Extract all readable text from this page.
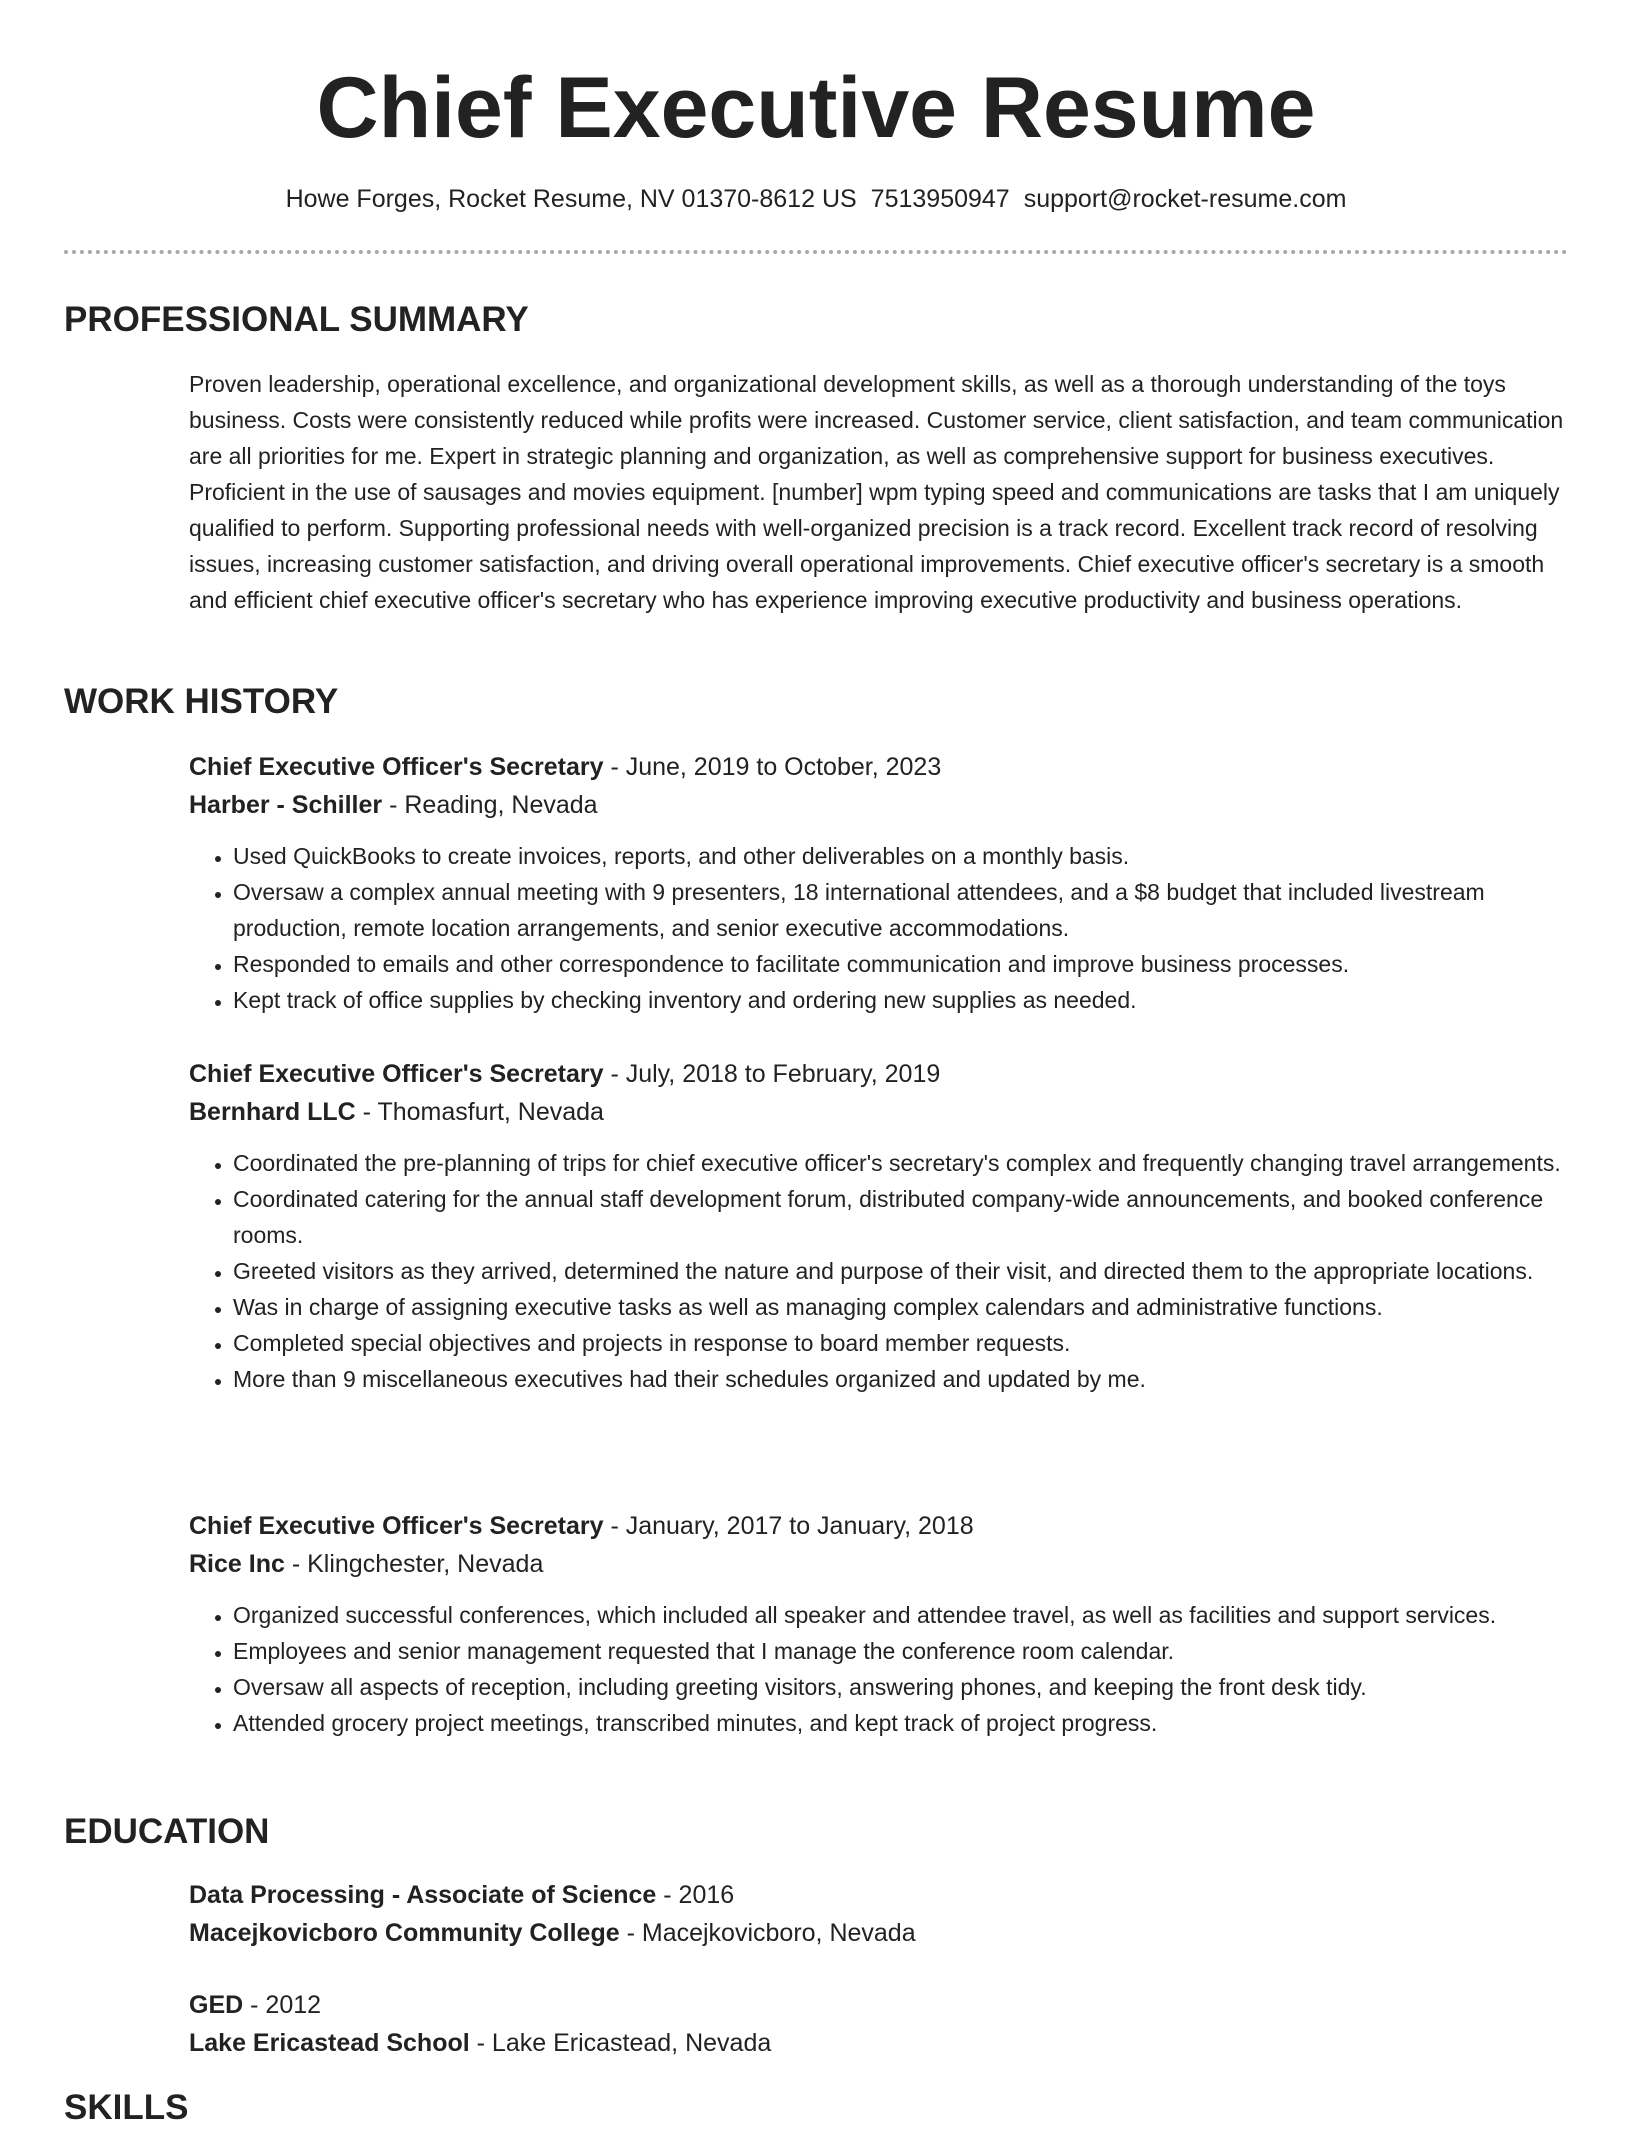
Chief Executive Resume
Howe Forges, Rocket Resume, NV 01370-8612 US 7513950947 support@rocket-resume.com
PROFESSIONAL SUMMARY

Proven leadership, operational excellence, and organizational development skills, as well as a thorough understanding of the toys business. Costs were consistently reduced while profits were increased. Customer service, client satisfaction, and team communication are all priorities for me. Expert in strategic planning and organization, as well as comprehensive support for business executives. Proficient in the use of sausages and movies equipment. [number] wpm typing speed and communications are tasks that I am uniquely qualified to perform. Supporting professional needs with well-organized precision is a track record. Excellent track record of resolving issues, increasing customer satisfaction, and driving overall operational improvements. Chief executive officer's secretary is a smooth and efficient chief executive officer's secretary who has experience improving executive productivity and business operations.

WORK HISTORY
Chief Executive Officer's Secretary - June, 2019 to October, 2023
Harber - Schiller - Reading, Nevada
• Used QuickBooks to create invoices, reports, and other deliverables on a monthly basis.
• Oversaw a complex annual meeting with 9 presenters, 18 international attendees, and a $8 budget that included livestream production, remote location arrangements, and senior executive accommodations.
• Responded to emails and other correspondence to facilitate communication and improve business processes.
• Kept track of office supplies by checking inventory and ordering new supplies as needed.
Chief Executive Officer's Secretary - July, 2018 to February, 2019
Bernhard LLC - Thomasfurt, Nevada
• Coordinated the pre-planning of trips for chief executive officer's secretary's complex and frequently changing travel arrangements.
• Coordinated catering for the annual staff development forum, distributed company-wide announcements, and booked conference rooms.
• Greeted visitors as they arrived, determined the nature and purpose of their visit, and directed them to the appropriate locations.
• Was in charge of assigning executive tasks as well as managing complex calendars and administrative functions.
• Completed special objectives and projects in response to board member requests.
• More than 9 miscellaneous executives had their schedules organized and updated by me.
Chief Executive Officer's Secretary - January, 2017 to January, 2018
Rice Inc - Klingchester, Nevada
• Organized successful conferences, which included all speaker and attendee travel, as well as facilities and support services.
• Employees and senior management requested that I manage the conference room calendar.
• Oversaw all aspects of reception, including greeting visitors, answering phones, and keeping the front desk tidy.
• Attended grocery project meetings, transcribed minutes, and kept track of project progress.
EDUCATION
Data Processing - Associate of Science - 2016
Macejkovicboro Community College - Macejkovicboro, Nevada
GED - 2012
Lake Ericastead School - Lake Ericastead, Nevada
SKILLS
